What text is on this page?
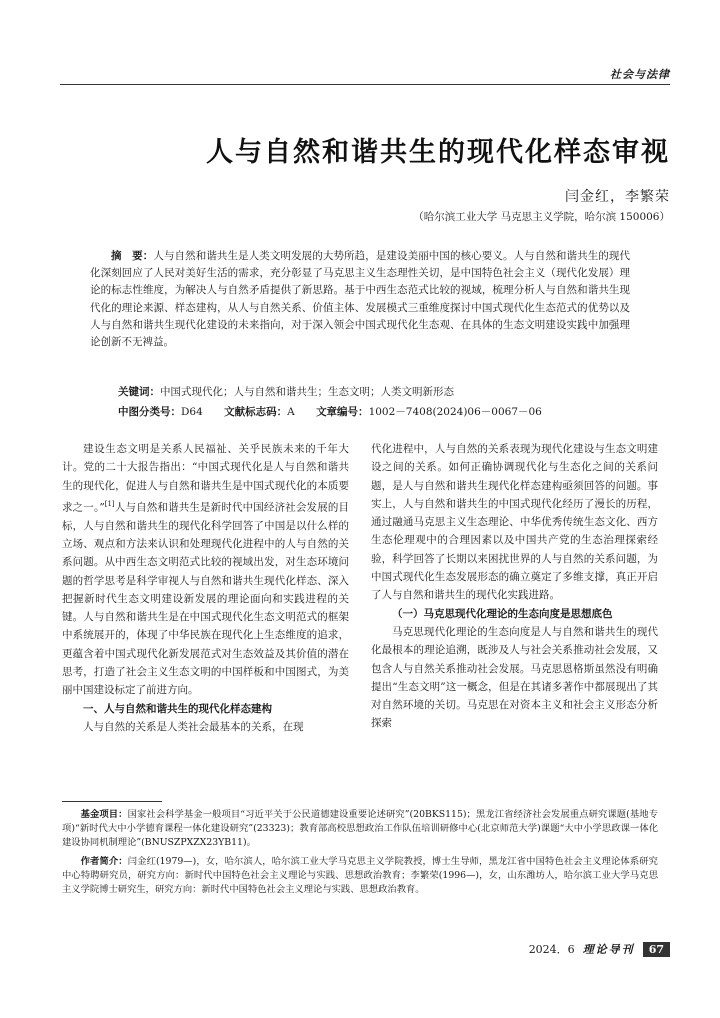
社会与法律
人与自然和谐共生的现代化样态审视
闫金红，李繁荣
（哈尔滨工业大学 马克思主义学院，哈尔滨 150006）
摘　要：人与自然和谐共生是人类文明发展的大势所趋，是建设美丽中国的核心要义。人与自然和谐共生的现代化深刻回应了人民对美好生活的需求，充分彰显了马克思主义生态理性关切，是中国特色社会主义（现代化发展）理论的标志性维度，为解决人与自然矛盾提供了新思路。基于中西生态范式比较的视域，梳理分析人与自然和谐共生现代化的理论来源、样态建构，从人与自然关系、价值主体、发展模式三重维度探讨中国式现代化生态范式的优势以及人与自然和谐共生现代化建设的未来指向，对于深入领会中国式现代化生态观、在具体的生态文明建设实践中加强理论创新不无裨益。
关键词：中国式现代化；人与自然和谐共生；生态文明；人类文明新形态
中图分类号：D64 文献标志码：A 文章编号：1002－7408(2024)06－0067－06

建设生态文明是关系人民福祉、关乎民族未来的千年大计。党的二十大报告指出：“中国式现代化是人与自然和谐共生的现代化，促进人与自然和谐共生是中国式现代化的本质要求之一。”[1]人与自然和谐共生是新时代中国经济社会发展的目标，人与自然和谐共生的现代化科学回答了中国是以什么样的立场、观点和方法来认识和处理现代化进程中的人与自然的关系问题。从中西生态文明范式比较的视域出发，对生态环境问题的哲学思考是科学审视人与自然和谐共生现代化样态、深入把握新时代生态文明建设新发展的理论面向和实践进程的关键。人与自然和谐共生是在中国式现代化生态文明范式的框架中系统展开的，体现了中华民族在现代化上生态维度的追求，更蕴含着中国式现代化新发展范式对生态效益及其价值的潜在思考，打造了社会主义生态文明的中国样板和中国图式，为美丽中国建设标定了前进方向。

一、人与自然和谐共生的现代化样态建构

人与自然的关系是人类社会最基本的关系，在现

代化进程中，人与自然的关系表现为现代化建设与生态文明建设之间的关系。如何正确协调现代化与生态化之间的关系问题，是人与自然和谐共生现代化样态建构亟须回答的问题。事实上，人与自然和谐共生的中国式现代化经历了漫长的历程，通过融通马克思主义生态理论、中华优秀传统生态文化、西方生态伦理观中的合理因素以及中国共产党的生态治理探索经验，科学回答了长期以来困扰世界的人与自然的关系问题，为中国式现代化生态发展形态的确立奠定了多维支撑，真正开启了人与自然和谐共生的现代化实践进路。

（一）马克思现代化理论的生态向度是思想底色

马克思现代化理论的生态向度是人与自然和谐共生的现代化最根本的理论追溯，既涉及人与社会关系推动社会发展，又包含人与自然关系推动社会发展。马克思恩格斯虽然没有明确提出“生态文明”这一概念，但是在其诸多著作中都展现出了其对自然环境的关切。马克思在对资本主义和社会主义形态分析探索

基金项目：国家社会科学基金一般项目“习近平关于公民道德建设重要论述研究”(20BKS115)；黑龙江省经济社会发展重点研究课题(基地专项)“新时代大中小学德育课程一体化建设研究”(23323)；教育部高校思想政治工作队伍培训研修中心(北京师范大学)课题“大中小学思政课一体化建设协同机制理论”(BNUSZPXZX23YB11)。
作者简介：闫金红(1979—)，女，哈尔滨人，哈尔滨工业大学马克思主义学院教授，博士生导师，黑龙江省中国特色社会主义理论体系研究中心特聘研究员，研究方向：新时代中国特色社会主义理论与实践、思想政治教育；李繁荣(1996—)，女，山东潍坊人，哈尔滨工业大学马克思主义学院博士研究生，研究方向：新时代中国特色社会主义理论与实践、思想政治教育。
2024．6 理论导刊	67
